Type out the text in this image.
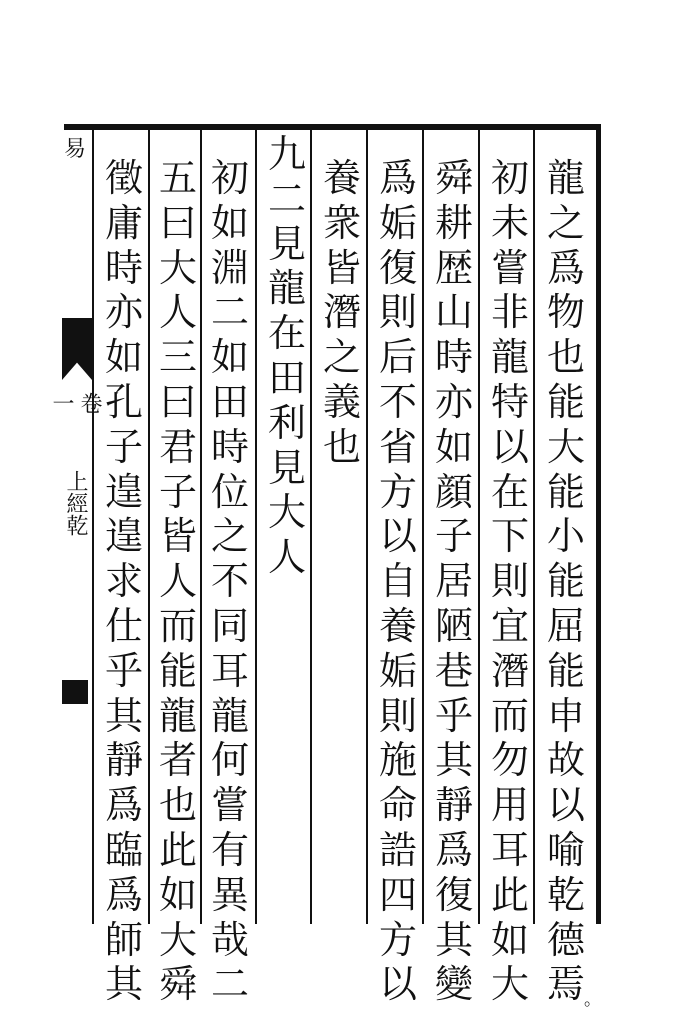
易
卷一
上經乾
龍
之
爲
物
也
能
大
能
小
能
屈
能
申
故
以
喻
乾
德
焉
初
未
嘗
非
龍
特
以
在
下
則
宜
潛
而
勿
用
耳
此
如
大
舜
耕
歴
山
時
亦
如
顔
子
居
陋
巷
乎
其
靜
爲
復
其
變
爲
姤
復
則
后
不
省
方
以
自
養
姤
則
施
命
誥
四
方
以
養
衆
皆
潛
之
義
也
九
二
見
龍
在
田
利
見
大
人
初
如
淵
二
如
田
時
位
之
不
同
耳
龍
何
嘗
有
異
哉
二
五
曰
大
人
三
曰
君
子
皆
人
而
能
龍
者
也
此
如
大
舜
徵
庸
時
亦
如
孔
子
遑
遑
求
仕
乎
其
靜
爲
臨
爲
師
其	。
